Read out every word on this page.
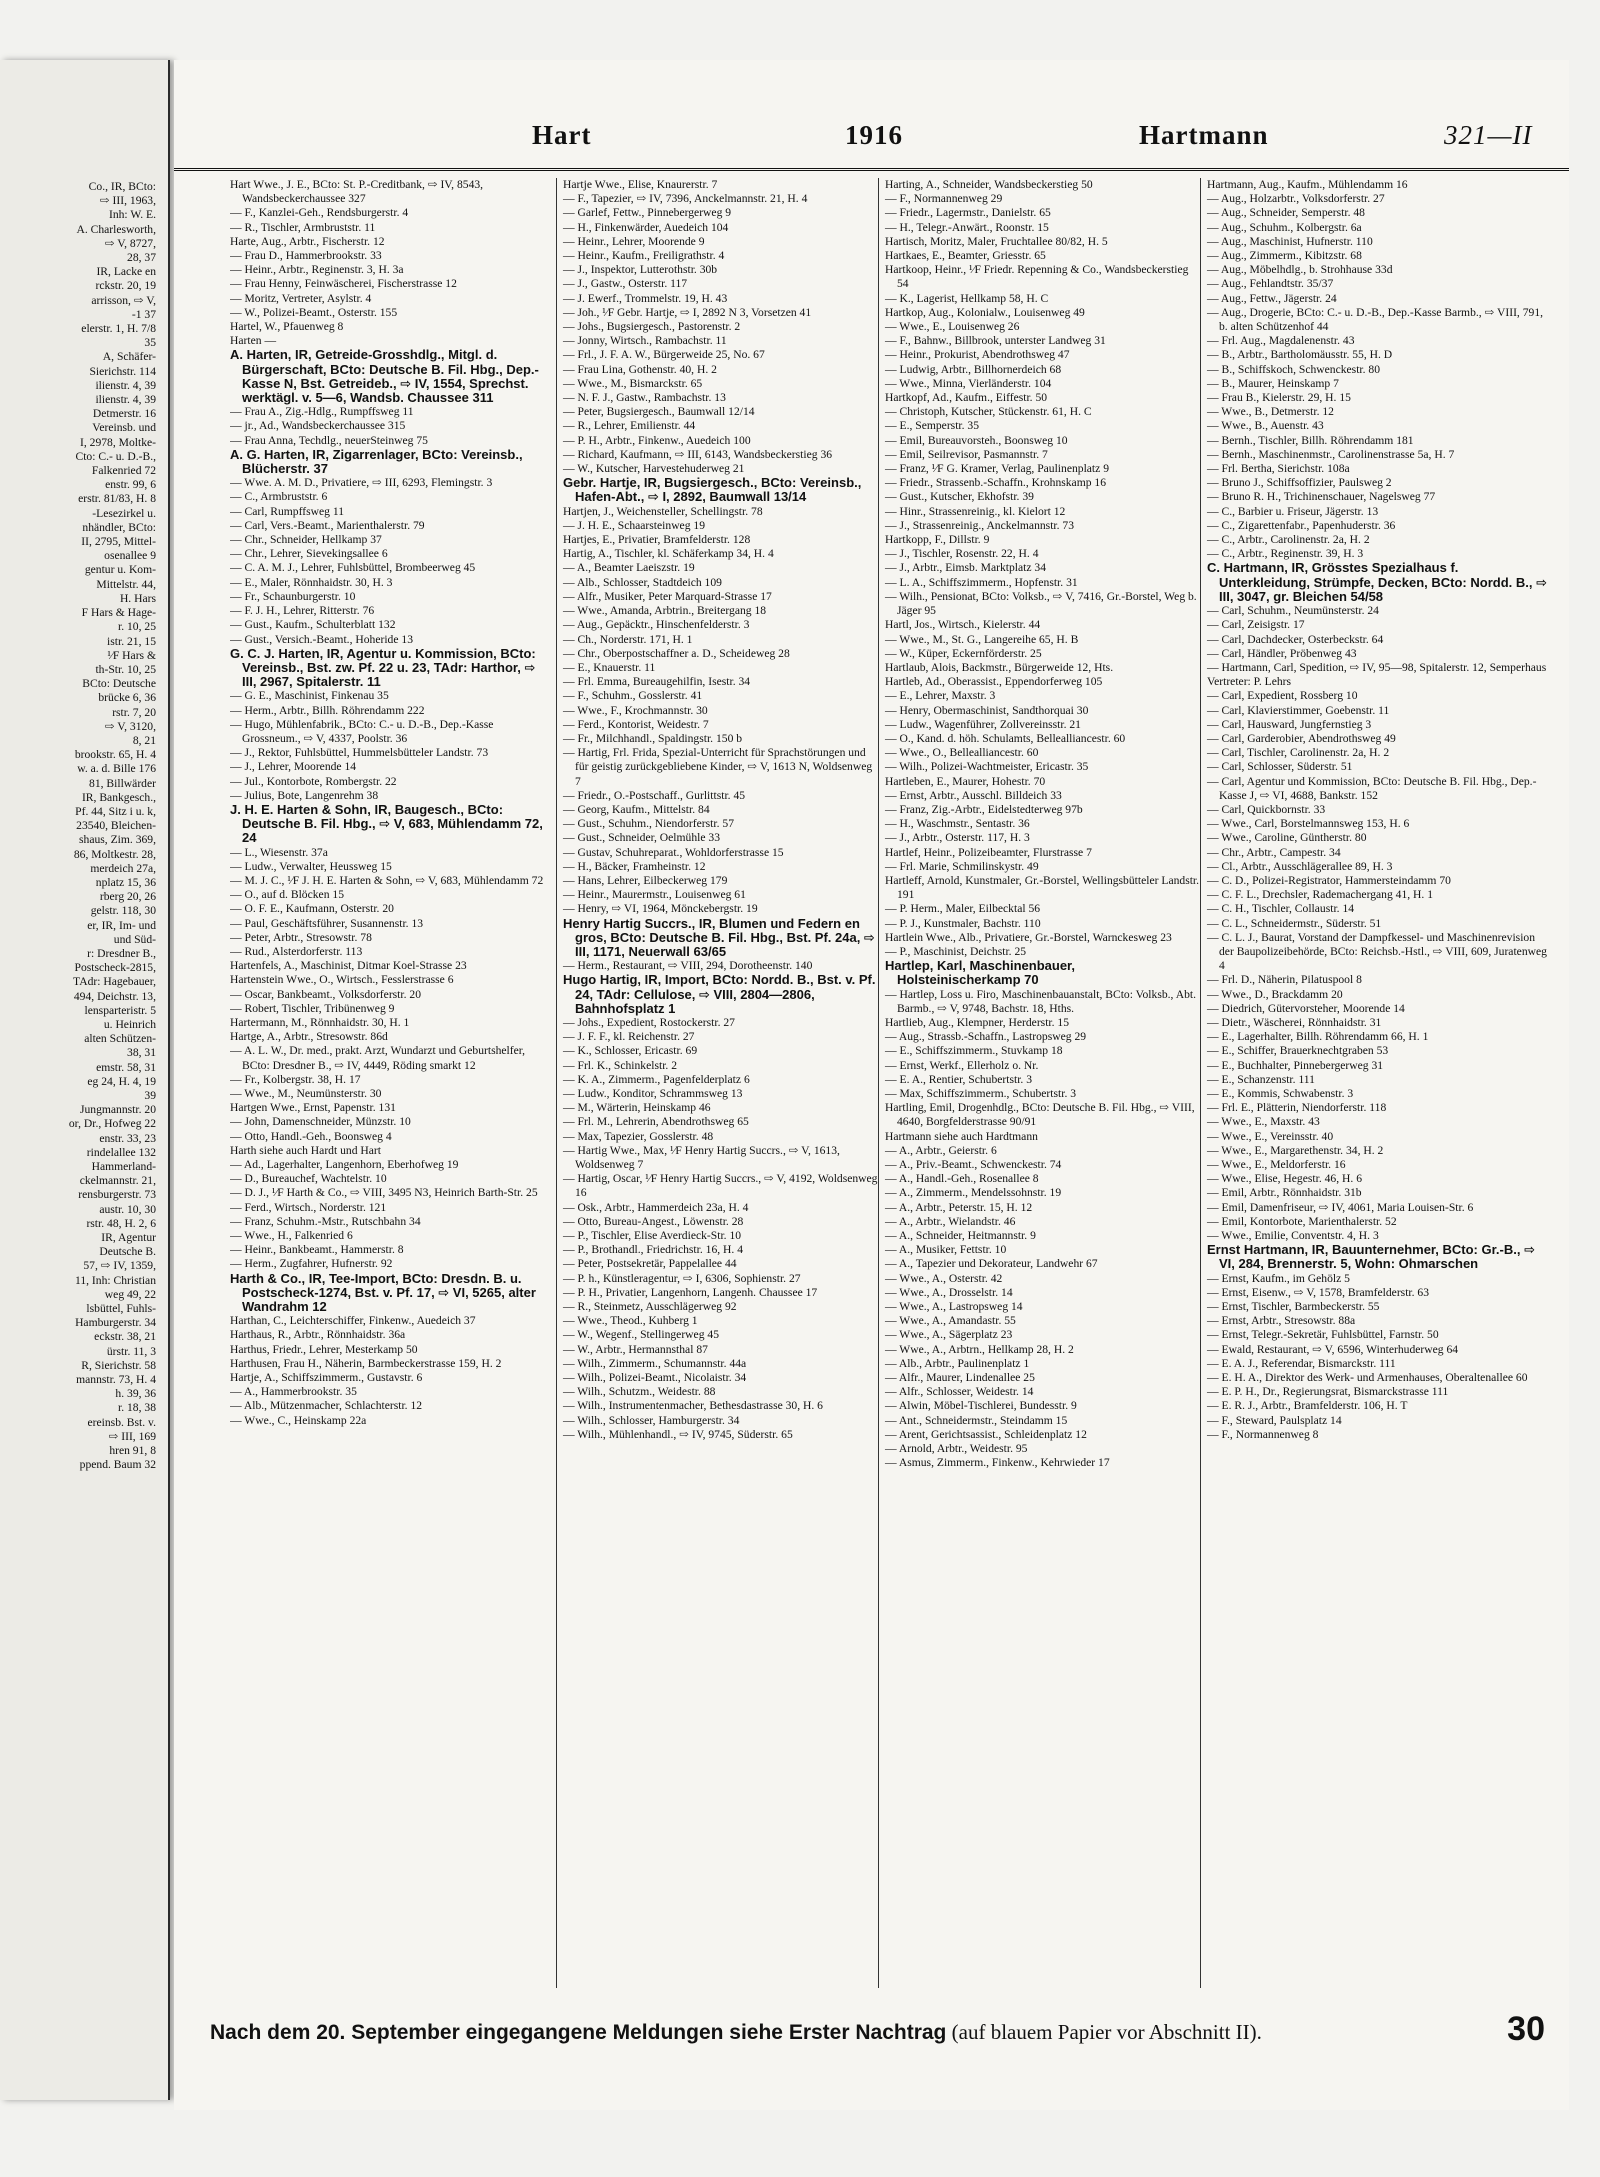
Co., IR, BCto:

⇨ III, 1963,

Inh: W. E.

A. Charlesworth,

⇨ V, 8727,

28, 37

IR, Lacke en

rckstr. 20, 19

arrisson, ⇨ V,

-1 37

elerstr. 1, H. 7/8

35

A, Schäfer-

Sierichstr. 114

ilienstr. 4, 39

ilienstr. 4, 39

Detmerstr. 16

Vereinsb. und

I, 2978, Moltke-

Cto: C.- u. D.-B.,

Falkenried 72

enstr. 99, 6

erstr. 81/83, H. 8

-Lesezirkel u.

nhändler, BCto:

II, 2795, Mittel-

osenallee 9

gentur u. Kom-

Mittelstr. 44,

H. Hars

F Hars & Hage-

r. 10, 25

istr. 21, 15

¹⁄F Hars &

th-Str. 10, 25

BCto: Deutsche

brücke 6, 36

rstr. 7, 20

⇨ V, 3120,

8, 21

brookstr. 65, H. 4

w. a. d. Bille 176

81, Billwärder

IR, Bankgesch.,

Pf. 44, Sitz i u. k,

23540, Bleichen-

shaus, Zim. 369,

86, Moltkestr. 28,

merdeich 27a,

nplatz 15, 36

rberg 20, 26

gelstr. 118, 30

er, IR, Im- und

und Süd-

r: Dresdner B.,

Postscheck-2815,

TAdr: Hagebauer,

494, Deichstr. 13,

lensparteristr. 5

u. Heinrich

alten Schützen-

38, 31

emstr. 58, 31

eg 24, H. 4, 19

39

Jungmannstr. 20

or, Dr., Hofweg 22

enstr. 33, 23

rindelallee 132

Hammerland-

ckelmannstr. 21,

rensburgerstr. 73

austr. 10, 30

rstr. 48, H. 2, 6

IR, Agentur

Deutsche B.

57, ⇨ IV, 1359,

11, Inh: Christian

weg 49, 22

lsbüttel, Fuhls-

Hamburgerstr. 34

eckstr. 38, 21

ürstr. 11, 3

R, Sierichstr. 58

mannstr. 73, H. 4

h. 39, 36

r. 18, 38

ereinsb. Bst. v.

⇨ III, 169

hren 91, 8

ppend. Baum 32

Hart	1916	Hartmann	321—II

Hart Wwe., J. E., BCto: St. P.-Creditbank, ⇨ IV, 8543, Wandsbeckerchaussee 327

— F., Kanzlei-Geh., Rendsburgerstr. 4

— R., Tischler, Armbruststr. 11

Harte, Aug., Arbtr., Fischerstr. 12

— Frau D., Hammerbrookstr. 33

— Heinr., Arbtr., Reginenstr. 3, H. 3a

— Frau Henny, Feinwäscherei, Fischerstrasse 12

— Moritz, Vertreter, Asylstr. 4

— W., Polizei-Beamt., Osterstr. 155

Hartel, W., Pfauenweg 8

Harten —

A. Harten, IR, Getreide-Grosshdlg., Mitgl. d. Bürgerschaft, BCto: Deutsche B. Fil. Hbg., Dep.-Kasse N, Bst. Getreideb., ⇨ IV, 1554, Sprechst. werktägl. v. 5—6, Wandsb. Chaussee 311

— Frau A., Zig.-Hdlg., Rumpffsweg 11

— jr., Ad., Wandsbeckerchaussee 315

— Frau Anna, Techdlg., neuerSteinweg 75

A. G. Harten, IR, Zigarrenlager, BCto: Vereinsb., Blücherstr. 37

— Wwe. A. M. D., Privatiere, ⇨ III, 6293, Flemingstr. 3

— C., Armbruststr. 6

— Carl, Rumpffsweg 11

— Carl, Vers.-Beamt., Marienthalerstr. 79

— Chr., Schneider, Hellkamp 37

— Chr., Lehrer, Sievekingsallee 6

— C. A. M. J., Lehrer, Fuhlsbüttel, Brombeerweg 45

— E., Maler, Rönnhaidstr. 30, H. 3

— Fr., Schaunburgerstr. 10

— F. J. H., Lehrer, Ritterstr. 76

— Gust., Kaufm., Schulterblatt 132

— Gust., Versich.-Beamt., Hoheride 13

G. C. J. Harten, IR, Agentur u. Kommission, BCto: Vereinsb., Bst. zw. Pf. 22 u. 23, TAdr: Harthor, ⇨ III, 2967, Spitalerstr. 11

— G. E., Maschinist, Finkenau 35

— Herm., Arbtr., Billh. Röhrendamm 222

— Hugo, Mühlenfabrik., BCto: C.- u. D.-B., Dep.-Kasse Grossneum., ⇨ V, 4337, Poolstr. 36

— J., Rektor, Fuhlsbüttel, Hummelsbütteler Landstr. 73

— J., Lehrer, Moorende 14

— Jul., Kontorbote, Rombergstr. 22

— Julius, Bote, Langenrehm 38

J. H. E. Harten & Sohn, IR, Baugesch., BCto: Deutsche B. Fil. Hbg., ⇨ V, 683, Mühlendamm 72, 24

— L., Wiesenstr. 37a

— Ludw., Verwalter, Heussweg 15

— M. J. C., ¹⁄F J. H. E. Harten & Sohn, ⇨ V, 683, Mühlendamm 72

— O., auf d. Blöcken 15

— O. F. E., Kaufmann, Osterstr. 20

— Paul, Geschäftsführer, Susannenstr. 13

— Peter, Arbtr., Stresowstr. 78

— Rud., Alsterdorferstr. 113

Hartenfels, A., Maschinist, Ditmar Koel-Strasse 23

Hartenstein Wwe., O., Wirtsch., Fesslerstrasse 6

— Oscar, Bankbeamt., Volksdorferstr. 20

— Robert, Tischler, Tribünenweg 9

Hartermann, M., Rönnhaidstr. 30, H. 1

Hartge, A., Arbtr., Stresowstr. 86d

— A. L. W., Dr. med., prakt. Arzt, Wundarzt und Geburtshelfer, BCto: Dresdner B., ⇨ IV, 4449, Röding smarkt 12

— Fr., Kolbergstr. 38, H. 17

— Wwe., M., Neumünsterstr. 30

Hartgen Wwe., Ernst, Papenstr. 131

— John, Damenschneider, Münzstr. 10

— Otto, Handl.-Geh., Boonsweg 4

Harth siehe auch Hardt und Hart

— Ad., Lagerhalter, Langenhorn, Eberhofweg 19

— D., Bureauchef, Wachtelstr. 10

— D. J., ¹⁄F Harth & Co., ⇨ VIII, 3495 N3, Heinrich Barth-Str. 25

— Ferd., Wirtsch., Norderstr. 121

— Franz, Schuhm.-Mstr., Rutschbahn 34

— Wwe., H., Falkenried 6

— Heinr., Bankbeamt., Hammerstr. 8

— Herm., Zugfahrer, Hufnerstr. 92

Harth & Co., IR, Tee-Import, BCto: Dresdn. B. u. Postscheck-1274, Bst. v. Pf. 17, ⇨ VI, 5265, alter Wandrahm 12

Harthan, C., Leichterschiffer, Finkenw., Auedeich 37

Harthaus, R., Arbtr., Rönnhaidstr. 36a

Harthus, Friedr., Lehrer, Mesterkamp 50

Harthusen, Frau H., Näherin, Barmbeckerstrasse 159, H. 2

Hartje, A., Schiffszimmerm., Gustavstr. 6

— A., Hammerbrookstr. 35

— Alb., Mützenmacher, Schlachterstr. 12

— Wwe., C., Heinskamp 22a

Hartje Wwe., Elise, Knaurerstr. 7

— F., Tapezier, ⇨ IV, 7396, Anckelmannstr. 21, H. 4

— Garlef, Fettw., Pinnebergerweg 9

— H., Finkenwärder, Auedeich 104

— Heinr., Lehrer, Moorende 9

— Heinr., Kaufm., Freiligrathstr. 4

— J., Inspektor, Lutterothstr. 30b

— J., Gastw., Osterstr. 117

— J. Ewerf., Trommelstr. 19, H. 43

— Joh., ¹⁄F Gebr. Hartje, ⇨ I, 2892 N 3, Vorsetzen 41

— Johs., Bugsiergesch., Pastorenstr. 2

— Jonny, Wirtsch., Rambachstr. 11

— Frl., J. F. A. W., Bürgerweide 25, No. 67

— Frau Lina, Gothenstr. 40, H. 2

— Wwe., M., Bismarckstr. 65

— N. F. J., Gastw., Rambachstr. 13

— Peter, Bugsiergesch., Baumwall 12/14

— R., Lehrer, Emilienstr. 44

— P. H., Arbtr., Finkenw., Auedeich 100

— Richard, Kaufmann, ⇨ III, 6143, Wandsbeckerstieg 36

— W., Kutscher, Harvestehuderweg 21

Gebr. Hartje, IR, Bugsiergesch., BCto: Vereinsb., Hafen-Abt., ⇨ I, 2892, Baumwall 13/14

Hartjen, J., Weichensteller, Schellingstr. 78

— J. H. E., Schaarsteinweg 19

Hartjes, E., Privatier, Bramfelderstr. 128

Hartig, A., Tischler, kl. Schäferkamp 34, H. 4

— A., Beamter Laeiszstr. 19

— Alb., Schlosser, Stadtdeich 109

— Alfr., Musiker, Peter Marquard-Strasse 17

— Wwe., Amanda, Arbtrin., Breitergang 18

— Aug., Gepäcktr., Hinschenfelderstr. 3

— Ch., Norderstr. 171, H. 1

— Chr., Oberpostschaffner a. D., Scheideweg 28

— E., Knauerstr. 11

— Frl. Emma, Bureaugehilfin, Isestr. 34

— F., Schuhm., Gosslerstr. 41

— Wwe., F., Krochmannstr. 30

— Ferd., Kontorist, Weidestr. 7

— Fr., Milchhandl., Spaldingstr. 150 b

— Hartig, Frl. Frida, Spezial-Unterricht für Sprachstörungen und für geistig zurückgebliebene Kinder, ⇨ V, 1613 N, Woldsenweg 7

— Friedr., O.-Postschaff., Gurlittstr. 45

— Georg, Kaufm., Mittelstr. 84

— Gust., Schuhm., Niendorferstr. 57

— Gust., Schneider, Oelmühle 33

— Gustav, Schuhreparat., Wohldorferstrasse 15

— H., Bäcker, Framheinstr. 12

— Hans, Lehrer, Eilbeckerweg 179

— Heinr., Maurermstr., Louisenweg 61

— Henry, ⇨ VI, 1964, Mönckebergstr. 19

Henry Hartig Succrs., IR, Blumen und Federn en gros, BCto: Deutsche B. Fil. Hbg., Bst. Pf. 24a, ⇨ III, 1171, Neuerwall 63/65

— Herm., Restaurant, ⇨ VIII, 294, Dorotheenstr. 140

Hugo Hartig, IR, Import, BCto: Nordd. B., Bst. v. Pf. 24, TAdr: Cellulose, ⇨ VIII, 2804—2806, Bahnhofsplatz 1

— Johs., Expedient, Rostockerstr. 27

— J. F. F., kl. Reichenstr. 27

— K., Schlosser, Ericastr. 69

— Frl. K., Schinkelstr. 2

— K. A., Zimmerm., Pagenfelderplatz 6

— Ludw., Konditor, Schrammsweg 13

— M., Wärterin, Heinskamp 46

— Frl. M., Lehrerin, Abendrothsweg 65

— Max, Tapezier, Gosslerstr. 48

— Hartig Wwe., Max, ¹⁄F Henry Hartig Succrs., ⇨ V, 1613, Woldsenweg 7

— Hartig, Oscar, ¹⁄F Henry Hartig Succrs., ⇨ V, 4192, Woldsenweg 16

— Osk., Arbtr., Hammerdeich 23a, H. 4

— Otto, Bureau-Angest., Löwenstr. 28

— P., Tischler, Elise Averdieck-Str. 10

— P., Brothandl., Friedrichstr. 16, H. 4

— Peter, Postsekretär, Pappelallee 44

— P. h., Künstleragentur, ⇨ I, 6306, Sophienstr. 27

— P. H., Privatier, Langenhorn, Langenh. Chaussee 17

— R., Steinmetz, Ausschlägerweg 92

— Wwe., Theod., Kuhberg 1

— W., Wegenf., Stellingerweg 45

— W., Arbtr., Hermannsthal 87

— Wilh., Zimmerm., Schumannstr. 44a

— Wilh., Polizei-Beamt., Nicolaistr. 34

— Wilh., Schutzm., Weidestr. 88

— Wilh., Instrumentenmacher, Bethesdastrasse 30, H. 6

— Wilh., Schlosser, Hamburgerstr. 34

— Wilh., Mühlenhandl., ⇨ IV, 9745, Süderstr. 65

Harting, A., Schneider, Wandsbeckerstieg 50

— F., Normannenweg 29

— Friedr., Lagermstr., Danielstr. 65

— H., Telegr.-Anwärt., Roonstr. 15

Hartisch, Moritz, Maler, Fruchtallee 80/82, H. 5

Hartkaes, E., Beamter, Griesstr. 65

Hartkoop, Heinr., ¹⁄F Friedr. Repenning & Co., Wandsbeckerstieg 54

— K., Lagerist, Hellkamp 58, H. C

Hartkop, Aug., Kolonialw., Louisenweg 49

— Wwe., E., Louisenweg 26

— F., Bahnw., Billbrook, unterster Landweg 31

— Heinr., Prokurist, Abendrothsweg 47

— Ludwig, Arbtr., Billhornerdeich 68

— Wwe., Minna, Vierländerstr. 104

Hartkopf, Ad., Kaufm., Eiffestr. 50

— Christoph, Kutscher, Stückenstr. 61, H. C

— E., Semperstr. 35

— Emil, Bureauvorsteh., Boonsweg 10

— Emil, Seilrevisor, Pasmannstr. 7

— Franz, ¹⁄F G. Kramer, Verlag, Paulinenplatz 9

— Friedr., Strassenb.-Schaffn., Krohnskamp 16

— Gust., Kutscher, Ekhofstr. 39

— Hinr., Strassenreinig., kl. Kielort 12

— J., Strassenreinig., Anckelmannstr. 73

Hartkopp, F., Dillstr. 9

— J., Tischler, Rosenstr. 22, H. 4

— J., Arbtr., Eimsb. Marktplatz 34

— L. A., Schiffszimmerm., Hopfenstr. 31

— Wilh., Pensionat, BCto: Volksb., ⇨ V, 7416, Gr.-Borstel, Weg b. Jäger 95

Hartl, Jos., Wirtsch., Kielerstr. 44

— Wwe., M., St. G., Langereihe 65, H. B

— W., Küper, Eckernförderstr. 25

Hartlaub, Alois, Backmstr., Bürgerweide 12, Hts.

Hartleb, Ad., Oberassist., Eppendorferweg 105

— E., Lehrer, Maxstr. 3

— Henry, Obermaschinist, Sandthorquai 30

— Ludw., Wagenführer, Zollvereinsstr. 21

— O., Kand. d. höh. Schulamts, Bellealliancestr. 60

— Wwe., O., Bellealliancestr. 60

— Wilh., Polizei-Wachtmeister, Ericastr. 35

Hartleben, E., Maurer, Hohestr. 70

— Ernst, Arbtr., Ausschl. Billdeich 33

— Franz, Zig.-Arbtr., Eidelstedterweg 97b

— H., Waschmstr., Sentastr. 36

— J., Arbtr., Osterstr. 117, H. 3

Hartlef, Heinr., Polizeibeamter, Flurstrasse 7

— Frl. Marie, Schmilinskystr. 49

Hartleff, Arnold, Kunstmaler, Gr.-Borstel, Wellingsbütteler Landstr. 191

— P. Herm., Maler, Eilbecktal 56

— P. J., Kunstmaler, Bachstr. 110

Hartlein Wwe., Alb., Privatiere, Gr.-Borstel, Warnckesweg 23

— P., Maschinist, Deichstr. 25

Hartlep, Karl, Maschinenbauer, Holsteinischerkamp 70

— Hartlep, Loss u. Firo, Maschinenbauanstalt, BCto: Volksb., Abt. Barmb., ⇨ V, 9748, Bachstr. 18, Hths.

Hartlieb, Aug., Klempner, Herderstr. 15

— Aug., Strassb.-Schaffn., Lastropsweg 29

— E., Schiffszimmerm., Stuvkamp 18

— Ernst, Werkf., Ellerholz o. Nr.

— E. A., Rentier, Schubertstr. 3

— Max, Schiffszimmerm., Schubertstr. 3

Hartling, Emil, Drogenhdlg., BCto: Deutsche B. Fil. Hbg., ⇨ VIII, 4640, Borgfelderstrasse 90/91

Hartmann siehe auch Hardtmann

— A., Arbtr., Geierstr. 6

— A., Priv.-Beamt., Schwenckestr. 74

— A., Handl.-Geh., Rosenallee 8

— A., Zimmerm., Mendelssohnstr. 19

— A., Arbtr., Peterstr. 15, H. 12

— A., Arbtr., Wielandstr. 46

— A., Schneider, Heitmannstr. 9

— A., Musiker, Fettstr. 10

— A., Tapezier und Dekorateur, Landwehr 67

— Wwe., A., Osterstr. 42

— Wwe., A., Drosselstr. 14

— Wwe., A., Lastropsweg 14

— Wwe., A., Amandastr. 55

— Wwe., A., Sägerplatz 23

— Wwe., A., Arbtrn., Hellkamp 28, H. 2

— Alb., Arbtr., Paulinenplatz 1

— Alfr., Maurer, Lindenallee 25

— Alfr., Schlosser, Weidestr. 14

— Alwin, Möbel-Tischlerei, Bundesstr. 9

— Ant., Schneidermstr., Steindamm 15

— Arent, Gerichtsassist., Schleidenplatz 12

— Arnold, Arbtr., Weidestr. 95

— Asmus, Zimmerm., Finkenw., Kehrwieder 17

Hartmann, Aug., Kaufm., Mühlendamm 16

— Aug., Holzarbtr., Volksdorferstr. 27

— Aug., Schneider, Semperstr. 48

— Aug., Schuhm., Kolbergstr. 6a

— Aug., Maschinist, Hufnerstr. 110

— Aug., Zimmerm., Kibitzstr. 68

— Aug., Möbelhdlg., b. Strohhause 33d

— Aug., Fehlandtstr. 35/37

— Aug., Fettw., Jägerstr. 24

— Aug., Drogerie, BCto: C.- u. D.-B., Dep.-Kasse Barmb., ⇨ VIII, 791, b. alten Schützenhof 44

— Frl. Aug., Magdalenenstr. 43

— B., Arbtr., Bartholomäusstr. 55, H. D

— B., Schiffskoch, Schwenckestr. 80

— B., Maurer, Heinskamp 7

— Frau B., Kielerstr. 29, H. 15

— Wwe., B., Detmerstr. 12

— Wwe., B., Auenstr. 43

— Bernh., Tischler, Billh. Röhrendamm 181

— Bernh., Maschinenmstr., Carolinenstrasse 5a, H. 7

— Frl. Bertha, Sierichstr. 108a

— Bruno J., Schiffsoffizier, Paulsweg 2

— Bruno R. H., Trichinenschauer, Nagelsweg 77

— C., Barbier u. Friseur, Jägerstr. 13

— C., Zigarettenfabr., Papenhuderstr. 36

— C., Arbtr., Carolinenstr. 2a, H. 2

— C., Arbtr., Reginenstr. 39, H. 3

C. Hartmann, IR, Grösstes Spezialhaus f. Unterkleidung, Strümpfe, Decken, BCto: Nordd. B., ⇨ III, 3047, gr. Bleichen 54/58

— Carl, Schuhm., Neumünsterstr. 24

— Carl, Zeisigstr. 17

— Carl, Dachdecker, Osterbeckstr. 64

— Carl, Händler, Pröbenweg 43

— Hartmann, Carl, Spedition, ⇨ IV, 95—98, Spitalerstr. 12, Semperhaus

Vertreter: P. Lehrs

— Carl, Expedient, Rossberg 10

— Carl, Klavierstimmer, Goebenstr. 11

— Carl, Hausward, Jungfernstieg 3

— Carl, Garderobier, Abendrothsweg 49

— Carl, Tischler, Carolinenstr. 2a, H. 2

— Carl, Schlosser, Süderstr. 51

— Carl, Agentur und Kommission, BCto: Deutsche B. Fil. Hbg., Dep.-Kasse J, ⇨ VI, 4688, Bankstr. 152

— Carl, Quickbornstr. 33

— Wwe., Carl, Borstelmannsweg 153, H. 6

— Wwe., Caroline, Güntherstr. 80

— Chr., Arbtr., Campestr. 34

— Cl., Arbtr., Ausschlägerallee 89, H. 3

— C. D., Polizei-Registrator, Hammersteindamm 70

— C. F. L., Drechsler, Rademachergang 41, H. 1

— C. H., Tischler, Collaustr. 14

— C. L., Schneidermstr., Süderstr. 51

— C. L. J., Baurat, Vorstand der Dampfkessel- und Maschinenrevision der Baupolizeibehörde, BCto: Reichsb.-Hstl., ⇨ VIII, 609, Juratenweg 4

— Frl. D., Näherin, Pilatuspool 8

— Wwe., D., Brackdamm 20

— Diedrich, Gütervorsteher, Moorende 14

— Dietr., Wäscherei, Rönnhaidstr. 31

— E., Lagerhalter, Billh. Röhrendamm 66, H. 1

— E., Schiffer, Brauerknechtgraben 53

— E., Buchhalter, Pinnebergerweg 31

— E., Schanzenstr. 111

— E., Kommis, Schwabenstr. 3

— Frl. E., Plätterin, Niendorferstr. 118

— Wwe., E., Maxstr. 43

— Wwe., E., Vereinsstr. 40

— Wwe., E., Margarethenstr. 34, H. 2

— Wwe., E., Meldorferstr. 16

— Wwe., Elise, Hegestr. 46, H. 6

— Emil, Arbtr., Rönnhaidstr. 31b

— Emil, Damenfriseur, ⇨ IV, 4061, Maria Louisen-Str. 6

— Emil, Kontorbote, Marienthalerstr. 52

— Wwe., Emilie, Conventstr. 4, H. 3

Ernst Hartmann, IR, Bauunternehmer, BCto: Gr.-B., ⇨ VI, 284, Brennerstr. 5, Wohn: Ohmarschen

— Ernst, Kaufm., im Gehölz 5

— Ernst, Eisenw., ⇨ V, 1578, Bramfelderstr. 63

— Ernst, Tischler, Barmbeckerstr. 55

— Ernst, Arbtr., Stresowstr. 88a

— Ernst, Telegr.-Sekretär, Fuhlsbüttel, Farnstr. 50

— Ewald, Restaurant, ⇨ V, 6596, Winterhuderweg 64

— E. A. J., Referendar, Bismarckstr. 111

— E. H. A., Direktor des Werk- und Armenhauses, Oberaltenallee 60

— E. P. H., Dr., Regierungsrat, Bismarckstrasse 111

— E. R. J., Arbtr., Bramfelderstr. 106, H. T

— F., Steward, Paulsplatz 14

— F., Normannenweg 8

Nach dem 20. September eingegangene Meldungen siehe Erster Nachtrag (auf blauem Papier vor Abschnitt II).	30
